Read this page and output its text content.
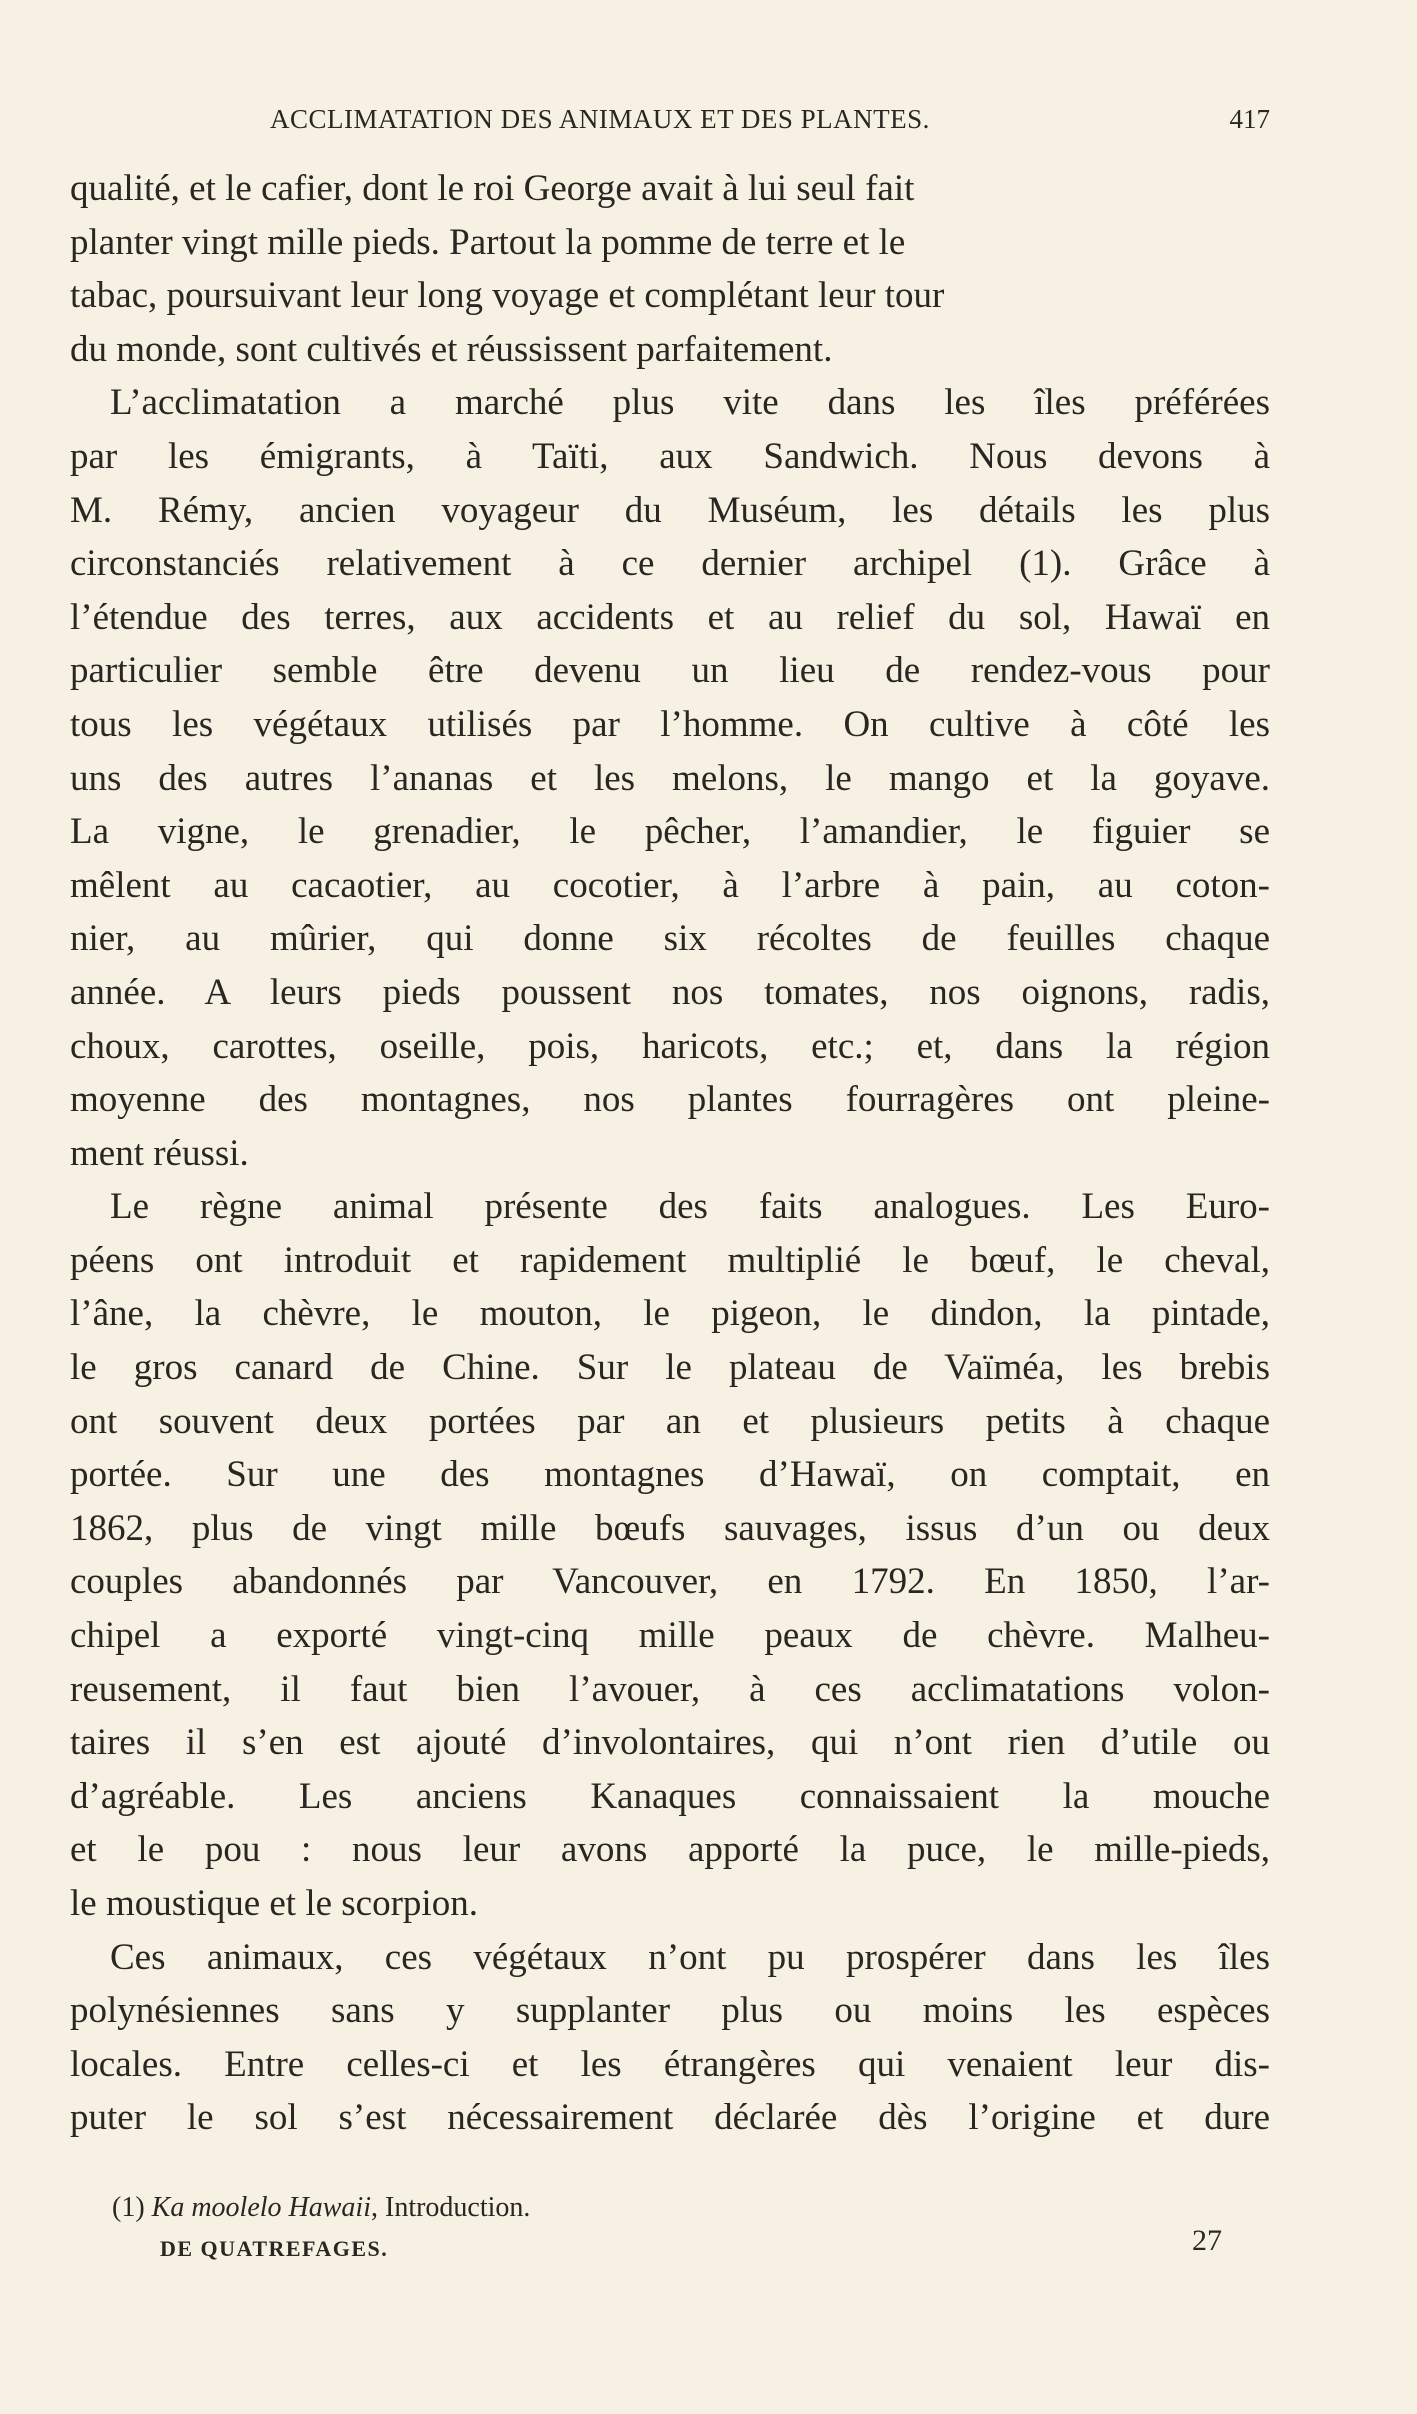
ACCLIMATATION DES ANIMAUX ET DES PLANTES.	417

qualité, et le cafier, dont le roi George avait à lui seul fait
planter vingt mille pieds. Partout la pomme de terre et le
tabac, poursuivant leur long voyage et complétant leur tour
du monde, sont cultivés et réussissent parfaitement.

L’acclimatation a marché plus vite dans les îles préférées
par les émigrants, à Taïti, aux Sandwich. Nous devons à
M. Rémy, ancien voyageur du Muséum, les détails les plus
circonstanciés relativement à ce dernier archipel (1). Grâce à
l’étendue des terres, aux accidents et au relief du sol, Hawaï en
particulier semble être devenu un lieu de rendez-vous pour
tous les végétaux utilisés par l’homme. On cultive à côté les
uns des autres l’ananas et les melons, le mango et la goyave.
La vigne, le grenadier, le pêcher, l’amandier, le figuier se
mêlent au cacaotier, au cocotier, à l’arbre à pain, au coton-
nier, au mûrier, qui donne six récoltes de feuilles chaque
année. A leurs pieds poussent nos tomates, nos oignons, radis,
choux, carottes, oseille, pois, haricots, etc.; et, dans la région
moyenne des montagnes, nos plantes fourragères ont pleine-
ment réussi.

Le règne animal présente des faits analogues. Les Euro-
péens ont introduit et rapidement multiplié le bœuf, le cheval,
l’âne, la chèvre, le mouton, le pigeon, le dindon, la pintade,
le gros canard de Chine. Sur le plateau de Vaïméa, les brebis
ont souvent deux portées par an et plusieurs petits à chaque
portée. Sur une des montagnes d’Hawaï, on comptait, en
1862, plus de vingt mille bœufs sauvages, issus d’un ou deux
couples abandonnés par Vancouver, en 1792. En 1850, l’ar-
chipel a exporté vingt-cinq mille peaux de chèvre. Malheu-
reusement, il faut bien l’avouer, à ces acclimatations volon-
taires il s’en est ajouté d’involontaires, qui n’ont rien d’utile ou
d’agréable. Les anciens Kanaques connaissaient la mouche
et le pou : nous leur avons apporté la puce, le mille-pieds,
le moustique et le scorpion.

Ces animaux, ces végétaux n’ont pu prospérer dans les îles
polynésiennes sans y supplanter plus ou moins les espèces
locales. Entre celles-ci et les étrangères qui venaient leur dis-
puter le sol s’est nécessairement déclarée dès l’origine et dure

(1) Ka moolelo Hawaii, Introduction.
DE QUATREFAGES.	27
